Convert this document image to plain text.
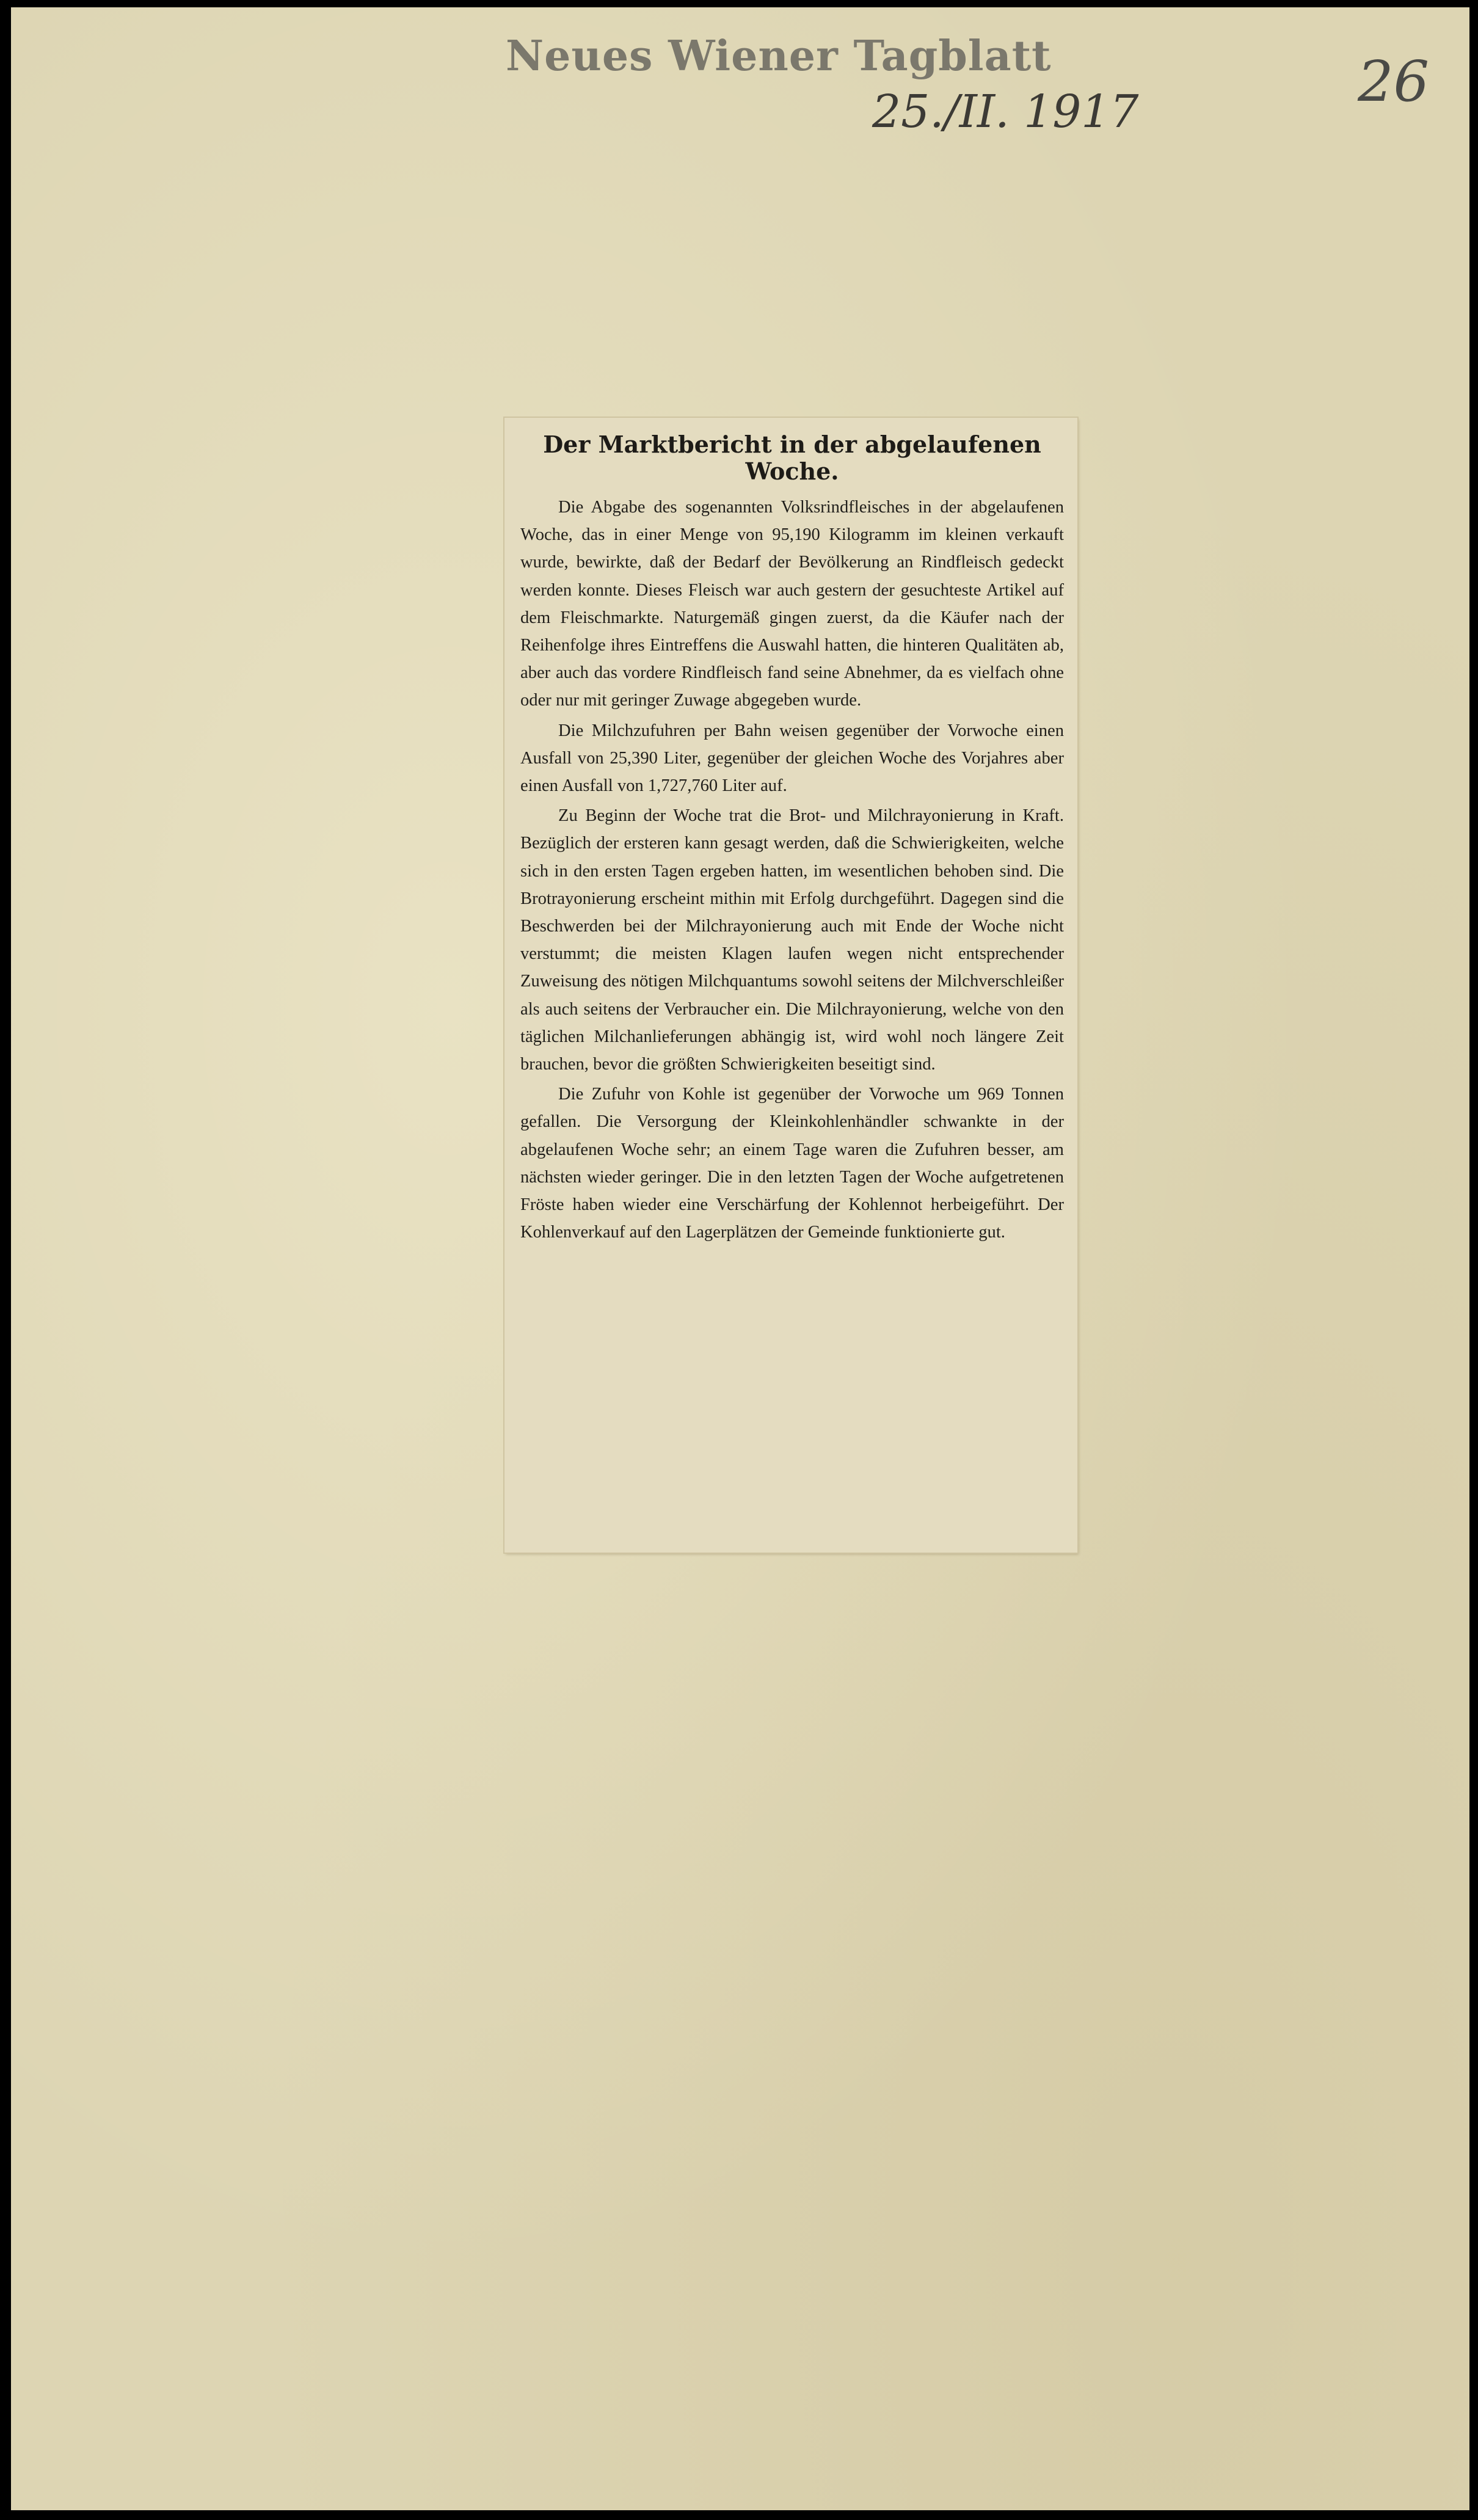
Neues Wiener Tagblatt
25./II. 1917	26
Der Marktbericht in der abgelaufenen
Woche.

Die Abgabe des sogenannten Volksrindfleisches in der abgelaufenen Woche, das in einer Menge von 95,190 Kilogramm im kleinen verkauft wurde, bewirkte, daß der Bedarf der Bevölkerung an Rindfleisch gedeckt werden konnte. Dieses Fleisch war auch gestern der gesuchteste Artikel auf dem Fleischmarkte. Naturgemäß gingen zuerst, da die Käufer nach der Reihenfolge ihres Eintreffens die Auswahl hatten, die hinteren Qualitäten ab, aber auch das vordere Rindfleisch fand seine Abnehmer, da es vielfach ohne oder nur mit geringer Zuwage abgegeben wurde.

Die Milchzufuhren per Bahn weisen gegenüber der Vorwoche einen Ausfall von 25,390 Liter, gegenüber der gleichen Woche des Vorjahres aber einen Ausfall von 1,727,760 Liter auf.

Zu Beginn der Woche trat die Brot- und Milchrayonierung in Kraft. Bezüglich der ersteren kann gesagt werden, daß die Schwierigkeiten, welche sich in den ersten Tagen ergeben hatten, im wesentlichen behoben sind. Die Brotrayonierung erscheint mithin mit Erfolg durchgeführt. Dagegen sind die Beschwerden bei der Milchrayonierung auch mit Ende der Woche nicht verstummt; die meisten Klagen laufen wegen nicht entsprechender Zuweisung des nötigen Milchquantums sowohl seitens der Milchverschleißer als auch seitens der Verbraucher ein. Die Milchrayonierung, welche von den täglichen Milchanlieferungen abhängig ist, wird wohl noch längere Zeit brauchen, bevor die größten Schwierigkeiten beseitigt sind.

Die Zufuhr von Kohle ist gegenüber der Vorwoche um 969 Tonnen gefallen. Die Versorgung der Kleinkohlenhändler schwankte in der abgelaufenen Woche sehr; an einem Tage waren die Zufuhren besser, am nächsten wieder geringer. Die in den letzten Tagen der Woche aufgetretenen Fröste haben wieder eine Verschärfung der Kohlennot herbeigeführt. Der Kohlenverkauf auf den Lagerplätzen der Gemeinde funktionierte gut.
